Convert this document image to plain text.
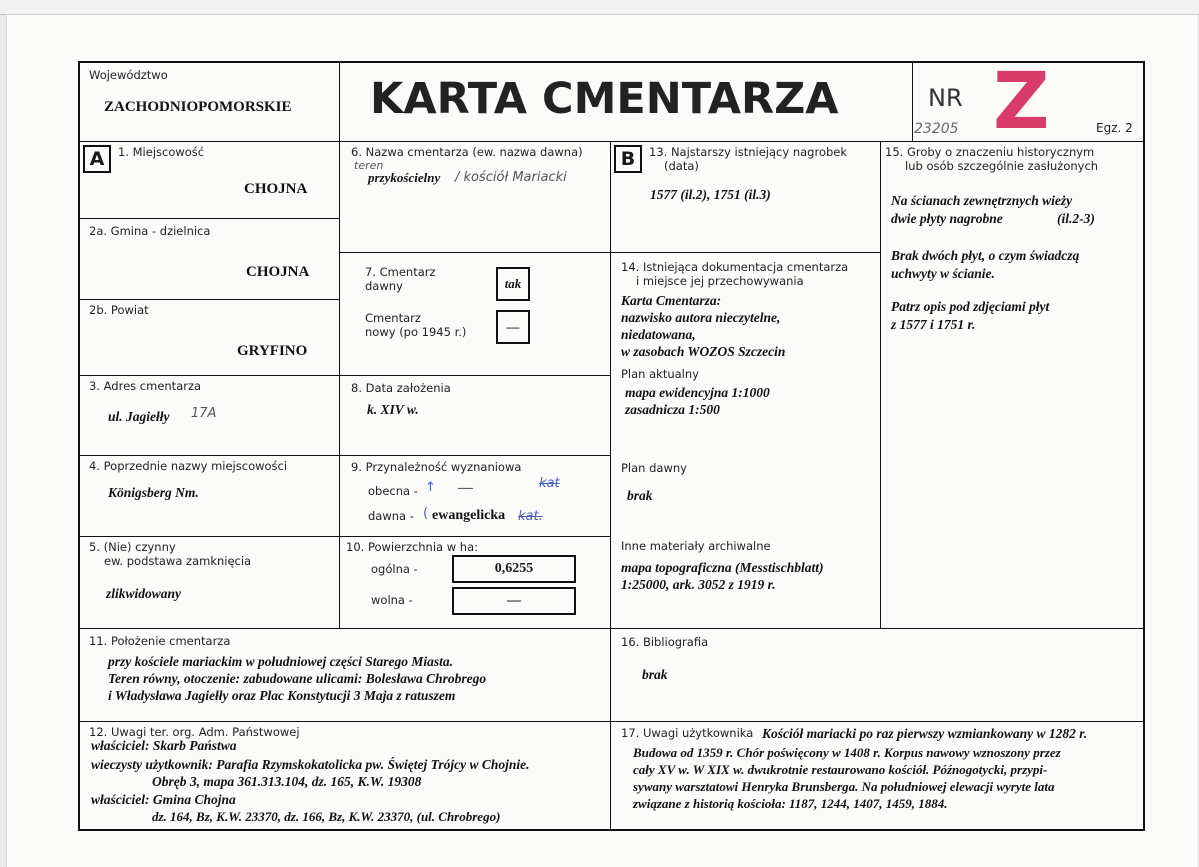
Województwo
ZACHODNIOPOMORSKIE KARTA CMENTARZA	NR Z
23205	Egz. 2
A	1. Miejscowość
CHOJNA
2a. Gmina - dzielnica
CHOJNA
2b. Powiat
GRYFINO
3. Adres cmentarza
ul. Jagiełły 17A
4. Poprzednie nazwy miejscowości
Königsberg Nm.
5. (Nie) czynny
ew. podstawa zamknięcia
zlikwidowany
6. Nazwa cmentarza (ew. nazwa dawna)
teren
przykościelny / kościół Mariacki
7. Cmentarz
dawny	tak
Cmentarz
nowy (po 1945 r.)	—
8. Data założenia
k. XIV w.
9. Przynależność wyznaniowa
obecna - ↑ —	kat
dawna - ( ewangelicka kat.
10. Powierzchnia w ha:
ogólna -	0,6255
wolna -	—
B	13. Najstarszy istniejący nagrobek
(data)
1577 (il.2), 1751 (il.3)
14. Istniejąca dokumentacja cmentarza
i miejsce jej przechowywania
Karta Cmentarza:
nazwisko autora nieczytelne,
niedatowana,
w zasobach WOZOS Szczecin
Plan aktualny
mapa ewidencyjna 1:1000
zasadnicza 1:500
Plan dawny
brak
Inne materiały archiwalne
mapa topograficzna (Messtischblatt)
1:25000, ark. 3052 z 1919 r.
15. Groby o znaczeniu historycznym
lub osób szczególnie zasłużonych
Na ścianach zewnętrznych wieży
dwie płyty nagrobne	(il.2-3)
Brak dwóch płyt, o czym świadczą
uchwyty w ścianie.
Patrz opis pod zdjęciami płyt
z 1577 i 1751 r.
11. Położenie cmentarza
przy kościele mariackim w południowej części Starego Miasta.
Teren równy, otoczenie: zabudowane ulicami: Bolesława Chrobrego
i Władysława Jagiełły oraz Plac Konstytucji 3 Maja z ratuszem
16. Bibliografia
brak
12. Uwagi ter. org. Adm. Państwowej
właściciel: Skarb Państwa
wieczysty użytkownik: Parafia Rzymskokatolicka pw. Świętej Trójcy w Chojnie.
Obręb 3, mapa 361.313.104, dz. 165, K.W. 19308
właściciel: Gmina Chojna
dz. 164, Bz, K.W. 23370, dz. 166, Bz, K.W. 23370, (ul. Chrobrego)
17. Uwagi użytkownika Kościół mariacki po raz pierwszy wzmiankowany w 1282 r.
Budowa od 1359 r. Chór poświęcony w 1408 r. Korpus nawowy wznoszony przez
cały XV w. W XIX w. dwukrotnie restaurowano kościół. Późnogotycki, przypi-
sywany warsztatowi Henryka Brunsberga. Na południowej elewacji wyryte lata
związane z historią kościoła: 1187, 1244, 1407, 1459, 1884.
